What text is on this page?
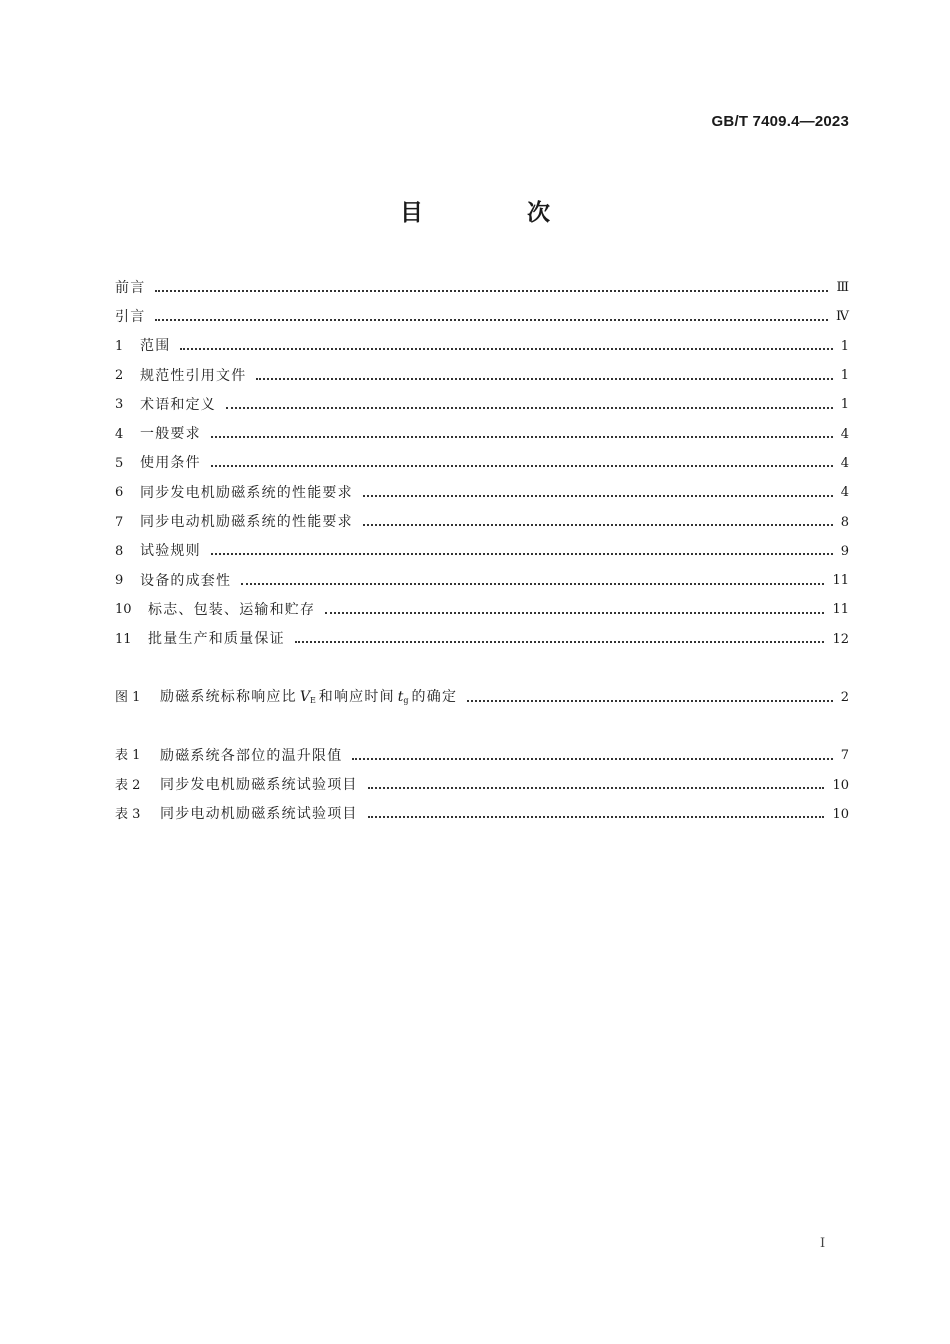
GB/T 7409.4—2023
目 次
前言	Ⅲ
引言	Ⅳ
1	范围	1
2	规范性引用文件	1
3	术语和定义	1
4	一般要求	4
5	使用条件	4
6	同步发电机励磁系统的性能要求	4
7	同步电动机励磁系统的性能要求	8
8	试验规则	9
9	设备的成套性	11
10	标志、包装、运输和贮存	11
11	批量生产和质量保证	12
图 1	励磁系统标称响应比 $V_E$ 和响应时间 $t_g$ 的确定	2
表 1	励磁系统各部位的温升限值	7
表 2	同步发电机励磁系统试验项目	10
表 3	同步电动机励磁系统试验项目	10
I
